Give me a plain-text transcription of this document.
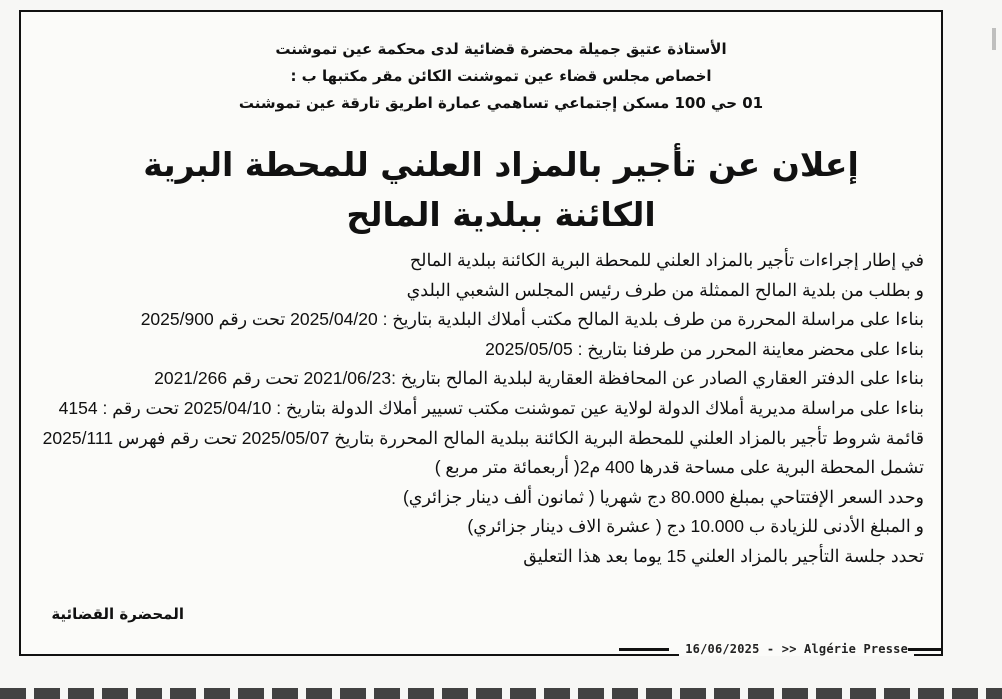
الأستاذة عتيق جميلة محضرة قضائية لدى محكمة عين تموشنت
اخصاص مجلس قضاء عين تموشنت الكائن مقر مكتبها ب :
01 حي 100 مسكن إجتماعي تساهمي عمارة اطريق تارقة عين تموشنت
إعلان عن تأجير بالمزاد العلني للمحطة البرية
الكائنة ببلدية المالح
في إطار إجراءات تأجير بالمزاد العلني للمحطة البرية الكائنة ببلدية المالح
و بطلب من بلدية المالح الممثلة من طرف رئيس المجلس الشعبي البلدي
بناءا على مراسلة المحررة من طرف بلدية المالح مكتب أملاك البلدية بتاريخ : 2025/04/20 تحت رقم 2025/900
بناءا على محضر معاينة المحرر من طرفنا بتاريخ : 2025/05/05
بناءا على الدفتر العقاري الصادر عن المحافظة العقارية لبلدية المالح بتاريخ :2021/06/23 تحت رقم 2021/266
بناءا على مراسلة مديرية أملاك الدولة لولاية عين تموشنت مكتب تسيير أملاك الدولة بتاريخ : 2025/04/10 تحت رقم : 4154
قائمة شروط تأجير بالمزاد العلني للمحطة البرية الكائنة ببلدية المالح المحررة بتاريخ 2025/05/07 تحت رقم فهرس 2025/111
تشمل المحطة البرية على مساحة قدرها 400 م2( أربعمائة متر مربع )
وحدد السعر الإفتتاحي بمبلغ 80.000 دج شهريا ( ثمانون ألف دينار جزائري)
و المبلغ الأدنى للزيادة ب 10.000 دج ( عشرة الاف دينار جزائري)
تحدد جلسة التأجير بالمزاد العلني 15 يوما بعد هذا التعليق
المحضرة القضائية
16/06/2025 - >> Algérie Presse
